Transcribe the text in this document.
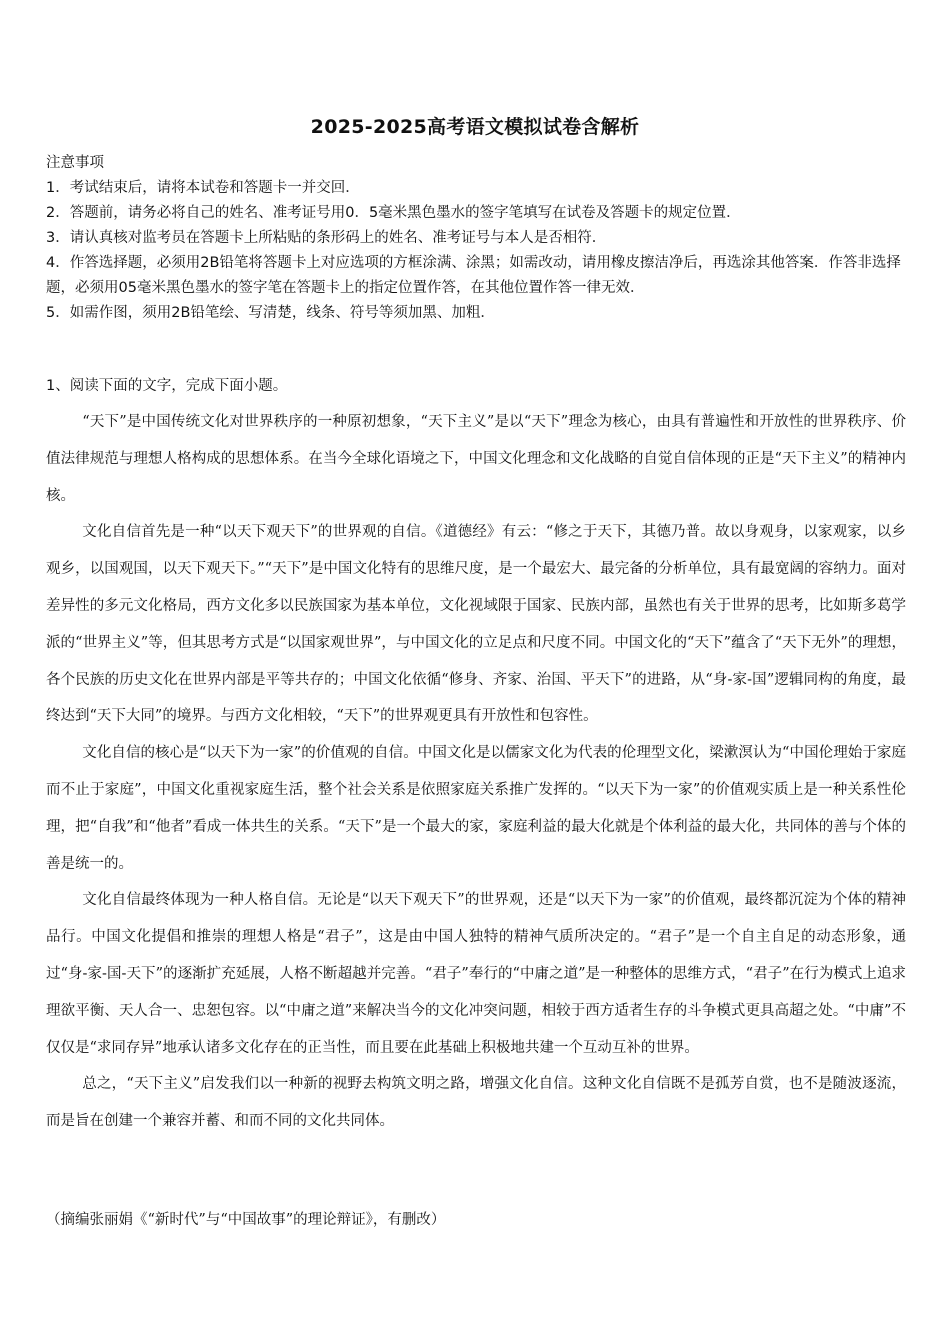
2025-2025高考语文模拟试卷含解析
注意事项
1．考试结束后，请将本试卷和答题卡一并交回．
2．答题前，请务必将自己的姓名、准考证号用0．5毫米黑色墨水的签字笔填写在试卷及答题卡的规定位置．
3．请认真核对监考员在答题卡上所粘贴的条形码上的姓名、准考证号与本人是否相符．
4．作答选择题，必须用2B铅笔将答题卡上对应选项的方框涂满、涂黑；如需改动，请用橡皮擦洁净后，再选涂其他答案．作答非选择题，必须用05毫米黑色墨水的签字笔在答题卡上的指定位置作答，在其他位置作答一律无效．
5．如需作图，须用2B铅笔绘、写清楚，线条、符号等须加黑、加粗．
1、阅读下面的文字，完成下面小题。

“天下”是中国传统文化对世界秩序的一种原初想象，“天下主义”是以“天下”理念为核心，由具有普遍性和开放性的世界秩序、价值法律规范与理想人格构成的思想体系。在当今全球化语境之下，中国文化理念和文化战略的自觉自信体现的正是“天下主义”的精神内核。

文化自信首先是一种“以天下观天下”的世界观的自信。《道德经》有云：“修之于天下，其德乃普。故以身观身，以家观家，以乡观乡，以国观国，以天下观天下。”“天下”是中国文化特有的思维尺度，是一个最宏大、最完备的分析单位，具有最宽阔的容纳力。面对差异性的多元文化格局，西方文化多以民族国家为基本单位，文化视域限于国家、民族内部，虽然也有关于世界的思考，比如斯多葛学派的“世界主义”等，但其思考方式是“以国家观世界”，与中国文化的立足点和尺度不同。中国文化的“天下”蕴含了“天下无外”的理想，各个民族的历史文化在世界内部是平等共存的；中国文化依循“修身、齐家、治国、平天下”的进路，从“身-家-国”逻辑同构的角度，最终达到“天下大同”的境界。与西方文化相较，“天下”的世界观更具有开放性和包容性。

文化自信的核心是“以天下为一家”的价值观的自信。中国文化是以儒家文化为代表的伦理型文化，梁漱溟认为“中国伦理始于家庭而不止于家庭”，中国文化重视家庭生活，整个社会关系是依照家庭关系推广发挥的。“以天下为一家”的价值观实质上是一种关系性伦理，把“自我”和“他者”看成一体共生的关系。“天下”是一个最大的家，家庭利益的最大化就是个体利益的最大化，共同体的善与个体的善是统一的。

文化自信最终体现为一种人格自信。无论是“以天下观天下”的世界观，还是“以天下为一家”的价值观，最终都沉淀为个体的精神品行。中国文化提倡和推崇的理想人格是“君子”，这是由中国人独特的精神气质所决定的。“君子”是一个自主自足的动态形象，通过“身-家-国-天下”的逐渐扩充延展，人格不断超越并完善。“君子”奉行的“中庸之道”是一种整体的思维方式，“君子”在行为模式上追求理欲平衡、天人合一、忠恕包容。以“中庸之道”来解决当今的文化冲突问题，相较于西方适者生存的斗争模式更具高超之处。“中庸”不仅仅是“求同存异”地承认诸多文化存在的正当性，而且要在此基础上积极地共建一个互动互补的世界。

总之，“天下主义”启发我们以一种新的视野去构筑文明之路，增强文化自信。这种文化自信既不是孤芳自赏，也不是随波逐流，而是旨在创建一个兼容并蓄、和而不同的文化共同体。

（摘编张丽娟《“新时代”与“中国故事”的理论辩证》，有删改）
